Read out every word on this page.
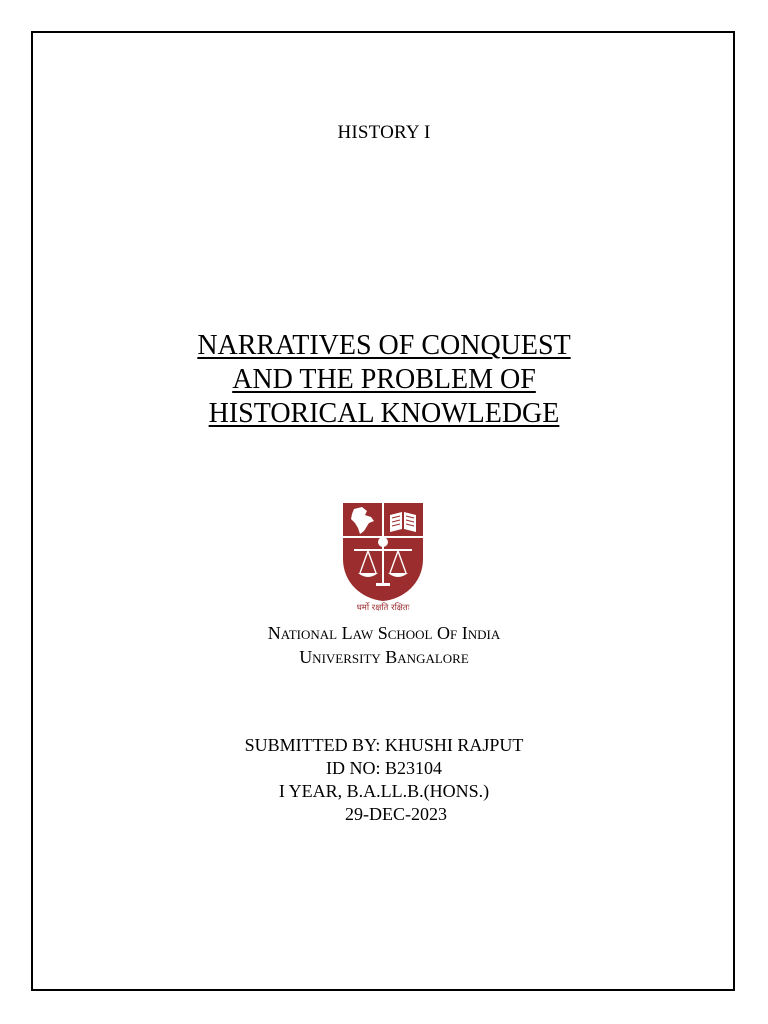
HISTORY I
NARRATIVES OF CONQUEST
AND THE PROBLEM OF
HISTORICAL KNOWLEDGE
धर्मो रक्षति रक्षितः
National Law School Of India
University Bangalore
SUBMITTED BY: KHUSHI RAJPUT
ID NO: B23104
I YEAR, B.A.LL.B.(HONS.)
29-DEC-2023
